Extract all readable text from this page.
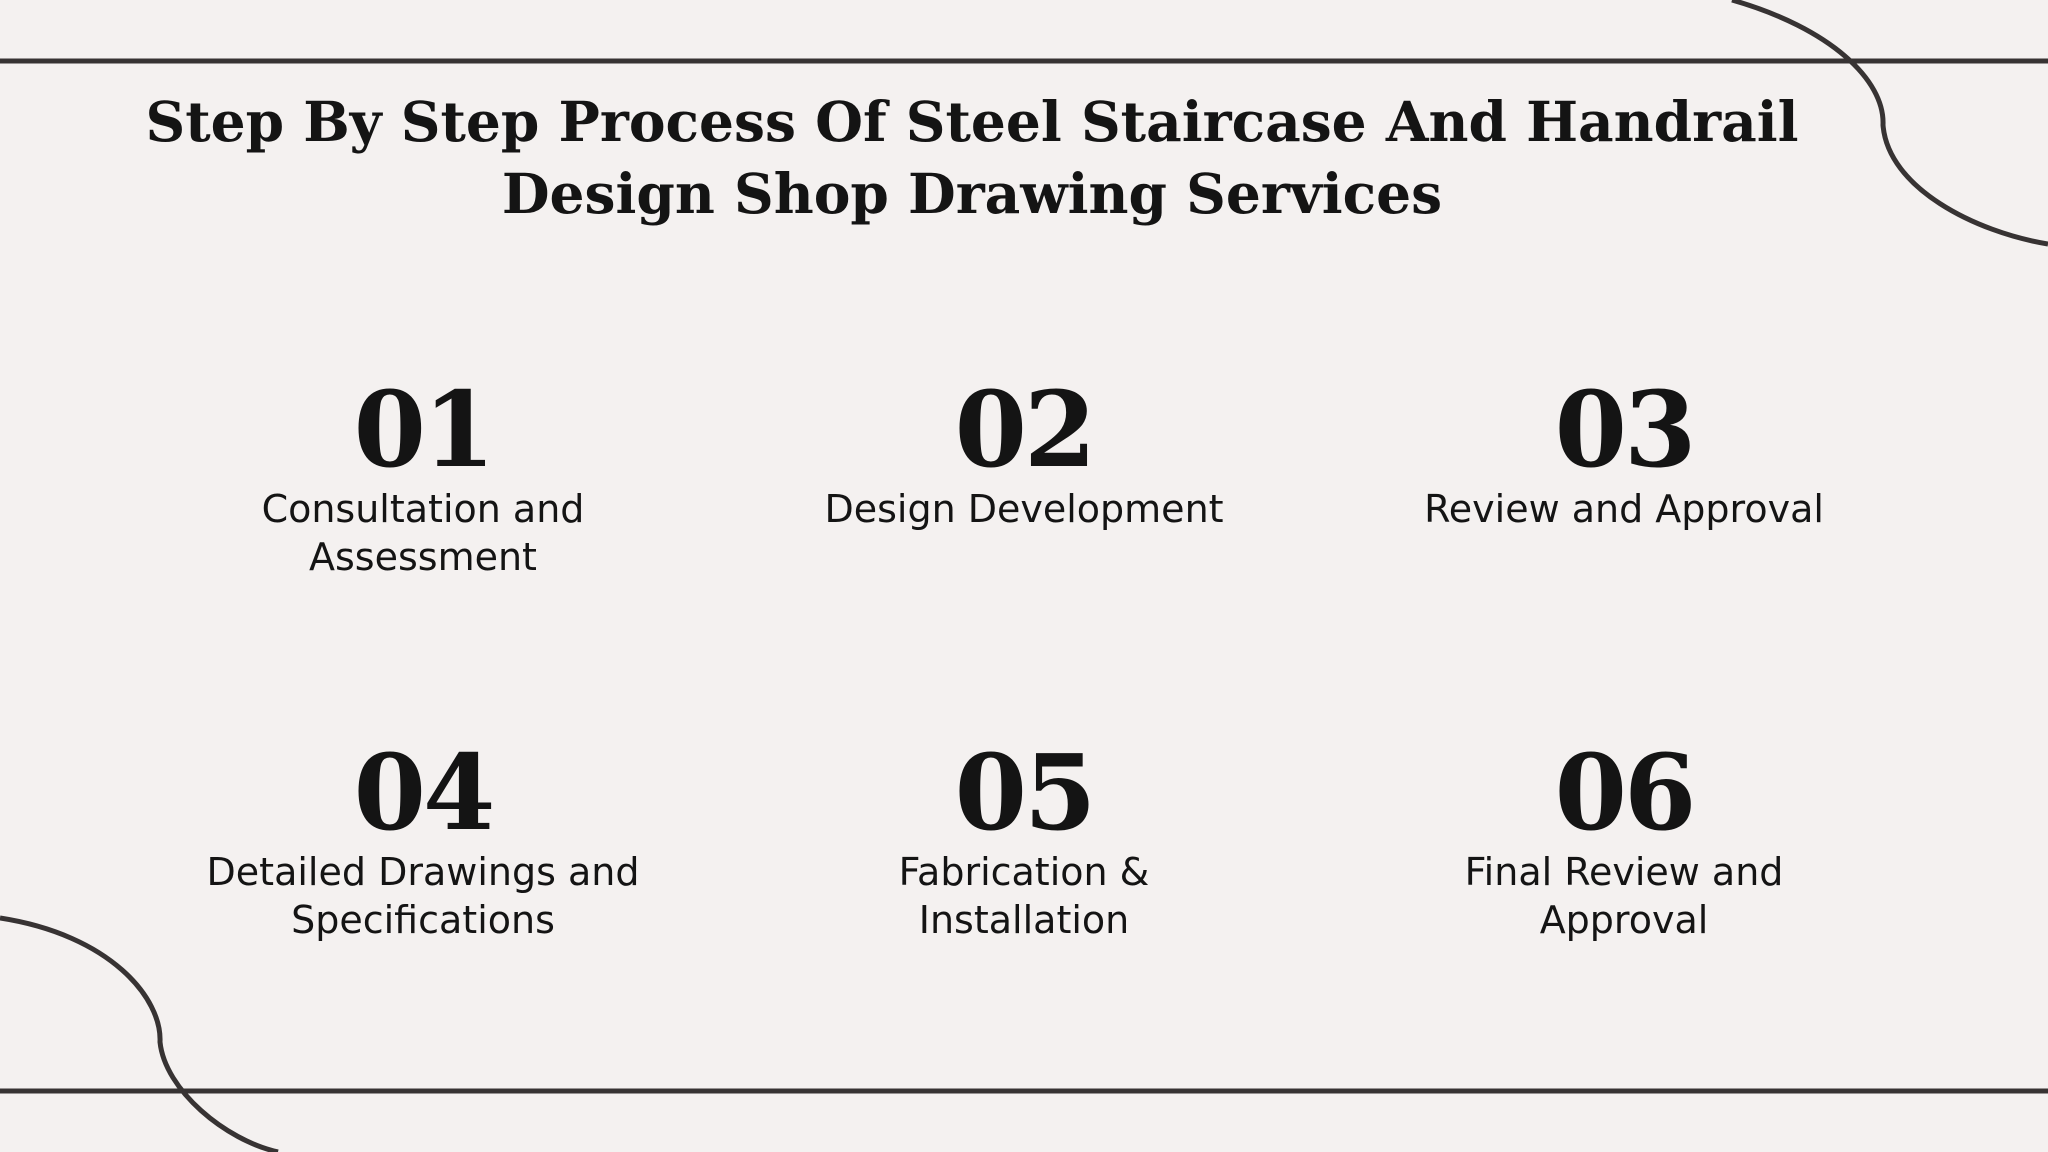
Step By Step Process Of Steel Staircase And Handrail Design Shop Drawing Services
01
Consultation and Assessment
02
Design Development
03
Review and Approval
04
Detailed Drawings and Specifications
05
Fabrication & Installation
06
Final Review and Approval
